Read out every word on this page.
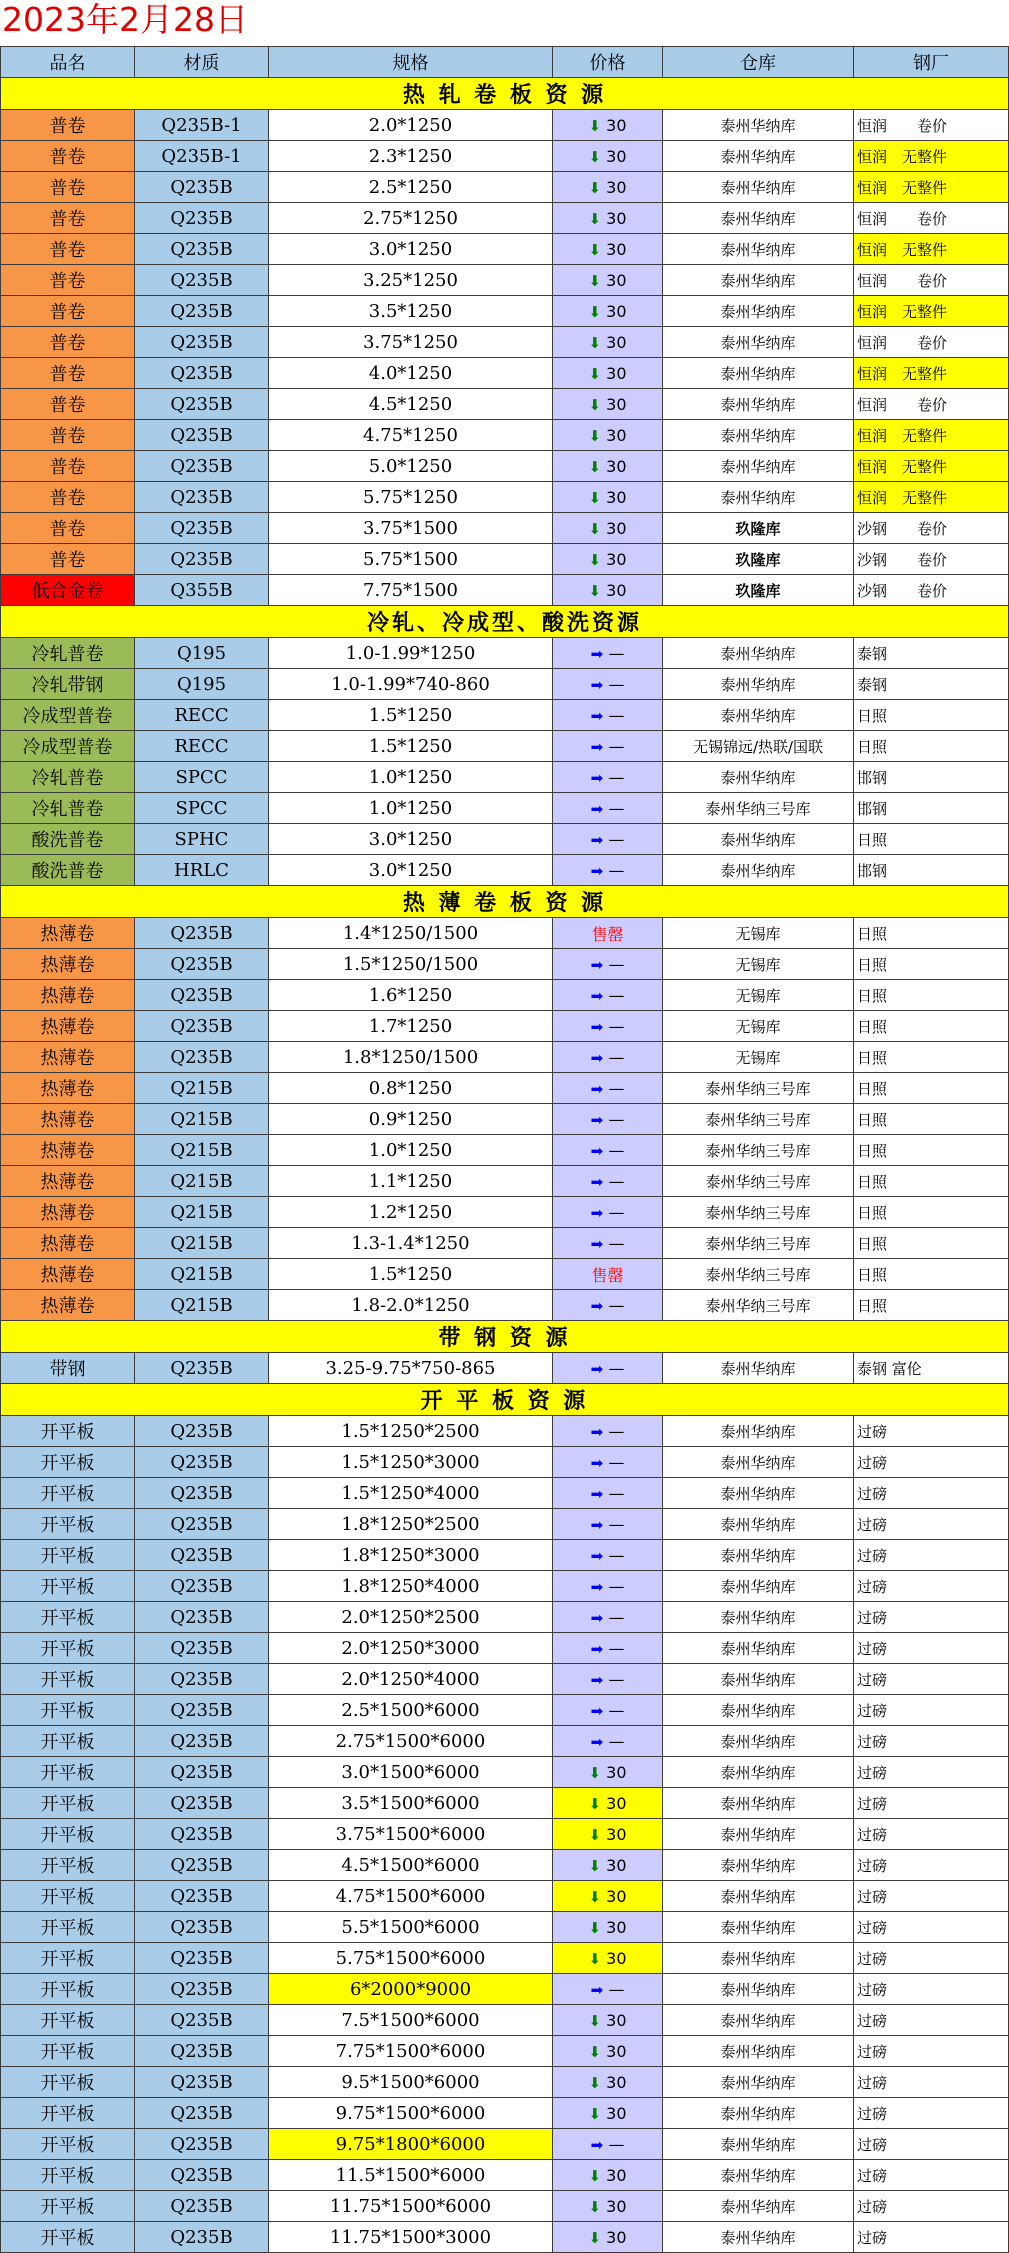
2023年2月28日
品名	材质	规格	价格	仓库	钢厂
热 轧 卷 板 资 源					
普卷	Q235B-1	2.0*1250	⬇ 30	泰州华纳库	恒润　　卷价
普卷	Q235B-1	2.3*1250	⬇ 30	泰州华纳库	恒润　无整件
普卷	Q235B	2.5*1250	⬇ 30	泰州华纳库	恒润　无整件
普卷	Q235B	2.75*1250	⬇ 30	泰州华纳库	恒润　　卷价
普卷	Q235B	3.0*1250	⬇ 30	泰州华纳库	恒润　无整件
普卷	Q235B	3.25*1250	⬇ 30	泰州华纳库	恒润　　卷价
普卷	Q235B	3.5*1250	⬇ 30	泰州华纳库	恒润　无整件
普卷	Q235B	3.75*1250	⬇ 30	泰州华纳库	恒润　　卷价
普卷	Q235B	4.0*1250	⬇ 30	泰州华纳库	恒润　无整件
普卷	Q235B	4.5*1250	⬇ 30	泰州华纳库	恒润　　卷价
普卷	Q235B	4.75*1250	⬇ 30	泰州华纳库	恒润　无整件
普卷	Q235B	5.0*1250	⬇ 30	泰州华纳库	恒润　无整件
普卷	Q235B	5.75*1250	⬇ 30	泰州华纳库	恒润　无整件
普卷	Q235B	3.75*1500	⬇ 30	玖隆库	沙钢　　卷价
普卷	Q235B	5.75*1500	⬇ 30	玖隆库	沙钢　　卷价
低合金卷	Q355B	7.75*1500	⬇ 30	玖隆库	沙钢　　卷价
冷轧、冷成型、酸洗资源					
冷轧普卷	Q195	1.0-1.99*1250	➡ —	泰州华纳库	泰钢
冷轧带钢	Q195	1.0-1.99*740-860	➡ —	泰州华纳库	泰钢
冷成型普卷	RECC	1.5*1250	➡ —	泰州华纳库	日照
冷成型普卷	RECC	1.5*1250	➡ —	无锡锦远/热联/国联	日照
冷轧普卷	SPCC	1.0*1250	➡ —	泰州华纳库	邯钢
冷轧普卷	SPCC	1.0*1250	➡ —	泰州华纳三号库	邯钢
酸洗普卷	SPHC	3.0*1250	➡ —	泰州华纳库	日照
酸洗普卷	HRLC	3.0*1250	➡ —	泰州华纳库	邯钢
热 薄 卷 板 资 源					
热薄卷	Q235B	1.4*1250/1500	售罄	无锡库	日照
热薄卷	Q235B	1.5*1250/1500	➡ —	无锡库	日照
热薄卷	Q235B	1.6*1250	➡ —	无锡库	日照
热薄卷	Q235B	1.7*1250	➡ —	无锡库	日照
热薄卷	Q235B	1.8*1250/1500	➡ —	无锡库	日照
热薄卷	Q215B	0.8*1250	➡ —	泰州华纳三号库	日照
热薄卷	Q215B	0.9*1250	➡ —	泰州华纳三号库	日照
热薄卷	Q215B	1.0*1250	➡ —	泰州华纳三号库	日照
热薄卷	Q215B	1.1*1250	➡ —	泰州华纳三号库	日照
热薄卷	Q215B	1.2*1250	➡ —	泰州华纳三号库	日照
热薄卷	Q215B	1.3-1.4*1250	➡ —	泰州华纳三号库	日照
热薄卷	Q215B	1.5*1250	售罄	泰州华纳三号库	日照
热薄卷	Q215B	1.8-2.0*1250	➡ —	泰州华纳三号库	日照
带 钢 资 源					
带钢	Q235B	3.25-9.75*750-865	➡ —	泰州华纳库	泰钢 富伦
开 平 板 资 源					
开平板	Q235B	1.5*1250*2500	➡ —	泰州华纳库	过磅
开平板	Q235B	1.5*1250*3000	➡ —	泰州华纳库	过磅
开平板	Q235B	1.5*1250*4000	➡ —	泰州华纳库	过磅
开平板	Q235B	1.8*1250*2500	➡ —	泰州华纳库	过磅
开平板	Q235B	1.8*1250*3000	➡ —	泰州华纳库	过磅
开平板	Q235B	1.8*1250*4000	➡ —	泰州华纳库	过磅
开平板	Q235B	2.0*1250*2500	➡ —	泰州华纳库	过磅
开平板	Q235B	2.0*1250*3000	➡ —	泰州华纳库	过磅
开平板	Q235B	2.0*1250*4000	➡ —	泰州华纳库	过磅
开平板	Q235B	2.5*1500*6000	➡ —	泰州华纳库	过磅
开平板	Q235B	2.75*1500*6000	➡ —	泰州华纳库	过磅
开平板	Q235B	3.0*1500*6000	⬇ 30	泰州华纳库	过磅
开平板	Q235B	3.5*1500*6000	⬇ 30	泰州华纳库	过磅
开平板	Q235B	3.75*1500*6000	⬇ 30	泰州华纳库	过磅
开平板	Q235B	4.5*1500*6000	⬇ 30	泰州华纳库	过磅
开平板	Q235B	4.75*1500*6000	⬇ 30	泰州华纳库	过磅
开平板	Q235B	5.5*1500*6000	⬇ 30	泰州华纳库	过磅
开平板	Q235B	5.75*1500*6000	⬇ 30	泰州华纳库	过磅
开平板	Q235B	6*2000*9000	➡ —	泰州华纳库	过磅
开平板	Q235B	7.5*1500*6000	⬇ 30	泰州华纳库	过磅
开平板	Q235B	7.75*1500*6000	⬇ 30	泰州华纳库	过磅
开平板	Q235B	9.5*1500*6000	⬇ 30	泰州华纳库	过磅
开平板	Q235B	9.75*1500*6000	⬇ 30	泰州华纳库	过磅
开平板	Q235B	9.75*1800*6000	➡ —	泰州华纳库	过磅
开平板	Q235B	11.5*1500*6000	⬇ 30	泰州华纳库	过磅
开平板	Q235B	11.75*1500*6000	⬇ 30	泰州华纳库	过磅
开平板	Q235B	11.75*1500*3000	⬇ 30	泰州华纳库	过磅
